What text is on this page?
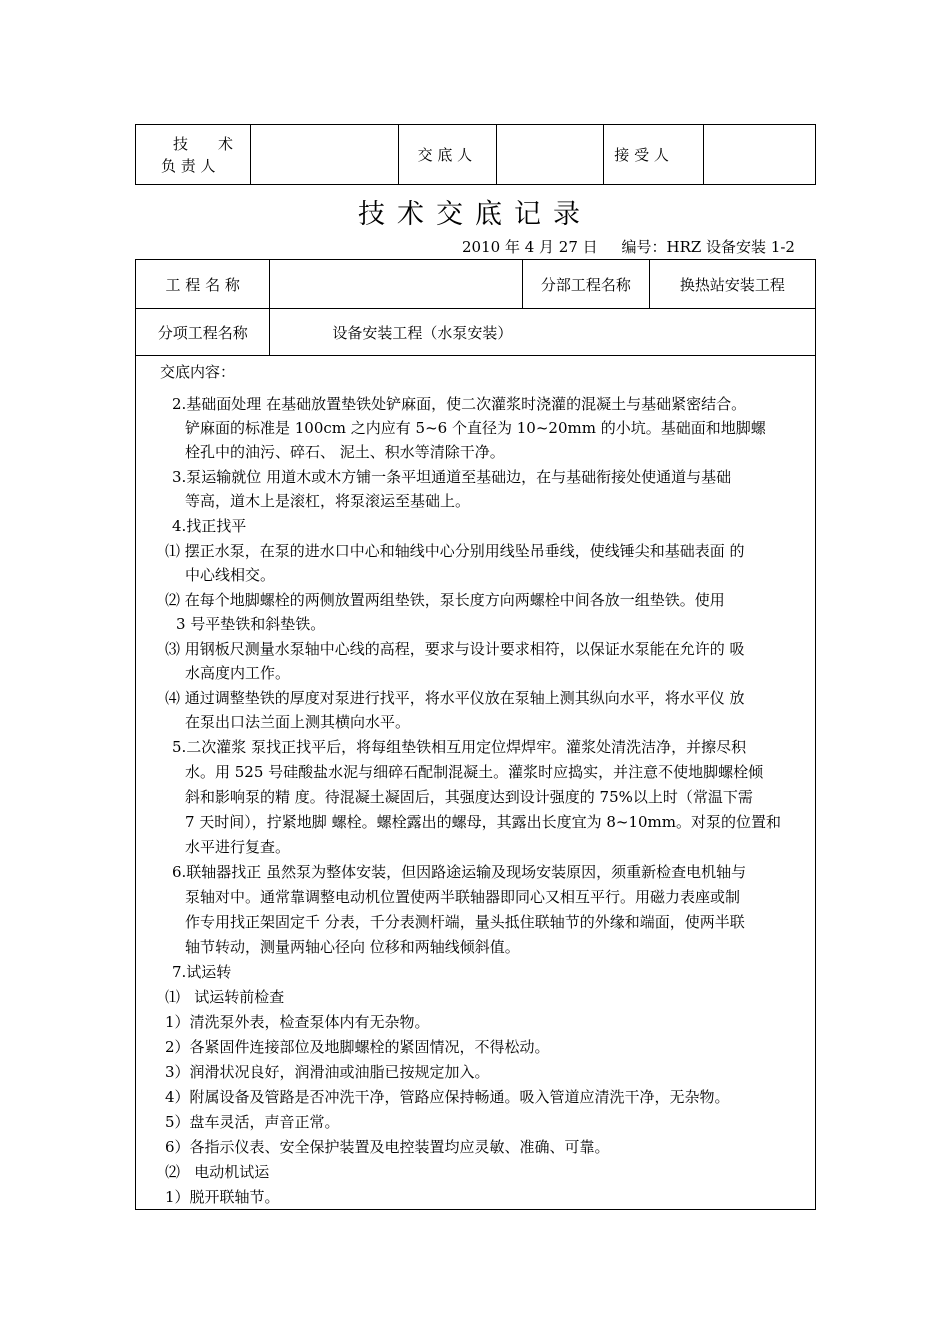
技 术
负 责 人
		交 底 人		接 受 人	
技术交底记录
2010 年 4 月 27 日     编号：HRZ 设备安装 1-2
工 程 名 称		分部工程名称	换热站安装工程
分项工程名称	设备安装工程（水泵安装）		

交底内容：
2.基础面处理 在基础放置垫铁处铲麻面，使二次灌浆时浇灌的混凝土与基础紧密结合。
铲麻面的标准是 100cm 之内应有 5~6 个直径为 10~20mm 的小坑。基础面和地脚螺
栓孔中的油污、碎石、 泥土、积水等清除干净。
3.泵运输就位 用道木或木方铺一条平坦通道至基础边，在与基础衔接处使通道与基础
等高，道木上是滚杠，将泵滚运至基础上。
4.找正找平
⑴ 摆正水泵，在泵的进水口中心和轴线中心分别用线坠吊垂线，使线锤尖和基础表面 的
中心线相交。
⑵ 在每个地脚螺栓的两侧放置两组垫铁，泵长度方向两螺栓中间各放一组垫铁。使用
3 号平垫铁和斜垫铁。
⑶ 用钢板尺测量水泵轴中心线的高程，要求与设计要求相符，以保证水泵能在允许的 吸
水高度内工作。
⑷ 通过调整垫铁的厚度对泵进行找平，将水平仪放在泵轴上测其纵向水平，将水平仪 放
在泵出口法兰面上测其横向水平。
5.二次灌浆 泵找正找平后，将每组垫铁相互用定位焊焊牢。灌浆处清洗洁净，并擦尽积
水。用 525 号硅酸盐水泥与细碎石配制混凝土。灌浆时应捣实，并注意不使地脚螺栓倾
斜和影响泵的精 度。待混凝土凝固后，其强度达到设计强度的 75%以上时（常温下需
7 天时间），拧紧地脚 螺栓。螺栓露出的螺母，其露出长度宜为 8~10mm。对泵的位置和
水平进行复查。
6.联轴器找正 虽然泵为整体安装，但因路途运输及现场安装原因，须重新检查电机轴与
泵轴对中。通常靠调整电动机位置使两半联轴器即同心又相互平行。用磁力表座或制
作专用找正架固定千 分表，千分表测杆端，量头抵住联轴节的外缘和端面，使两半联
轴节转动，测量两轴心径向 位移和两轴线倾斜值。
7.试运转
⑴   试运转前检查
1）清洗泵外表，检查泵体内有无杂物。
2）各紧固件连接部位及地脚螺栓的紧固情况，不得松动。
3）润滑状况良好，润滑油或油脂已按规定加入。
4）附属设备及管路是否冲洗干净，管路应保持畅通。吸入管道应清洗干净，无杂物。
5）盘车灵活，声音正常。
6）各指示仪表、安全保护装置及电控装置均应灵敏、准确、可靠。
⑵   电动机试运
1）脱开联轴节。
